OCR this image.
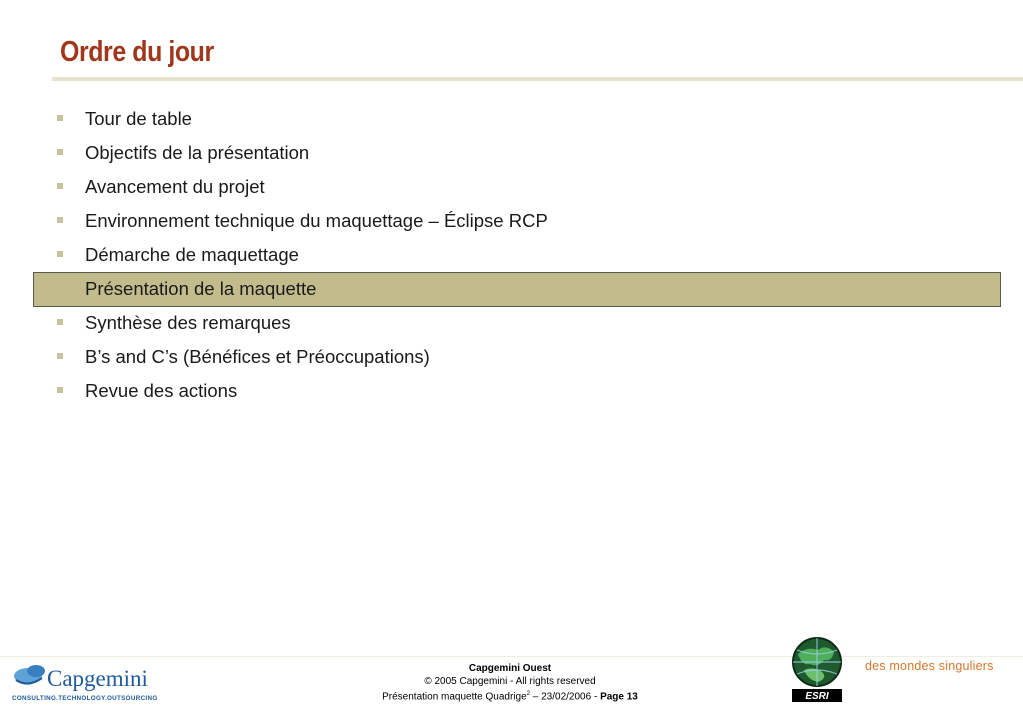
Ordre du jour
Tour de table
Objectifs de la présentation
Avancement du projet
Environnement technique du maquettage – Éclipse RCP
Démarche de maquettage
Présentation de la maquette
Synthèse des remarques
B’s and C’s (Bénéfices et Préoccupations)
Revue des actions
Capgemini
CONSULTING.TECHNOLOGY.OUTSOURCING
Capgemini Ouest
© 2005 Capgemini - All rights reserved
Présentation maquette Quadrige$^2$ – 23/02/2006 - Page 13	ESRI
des mondes singuliers
